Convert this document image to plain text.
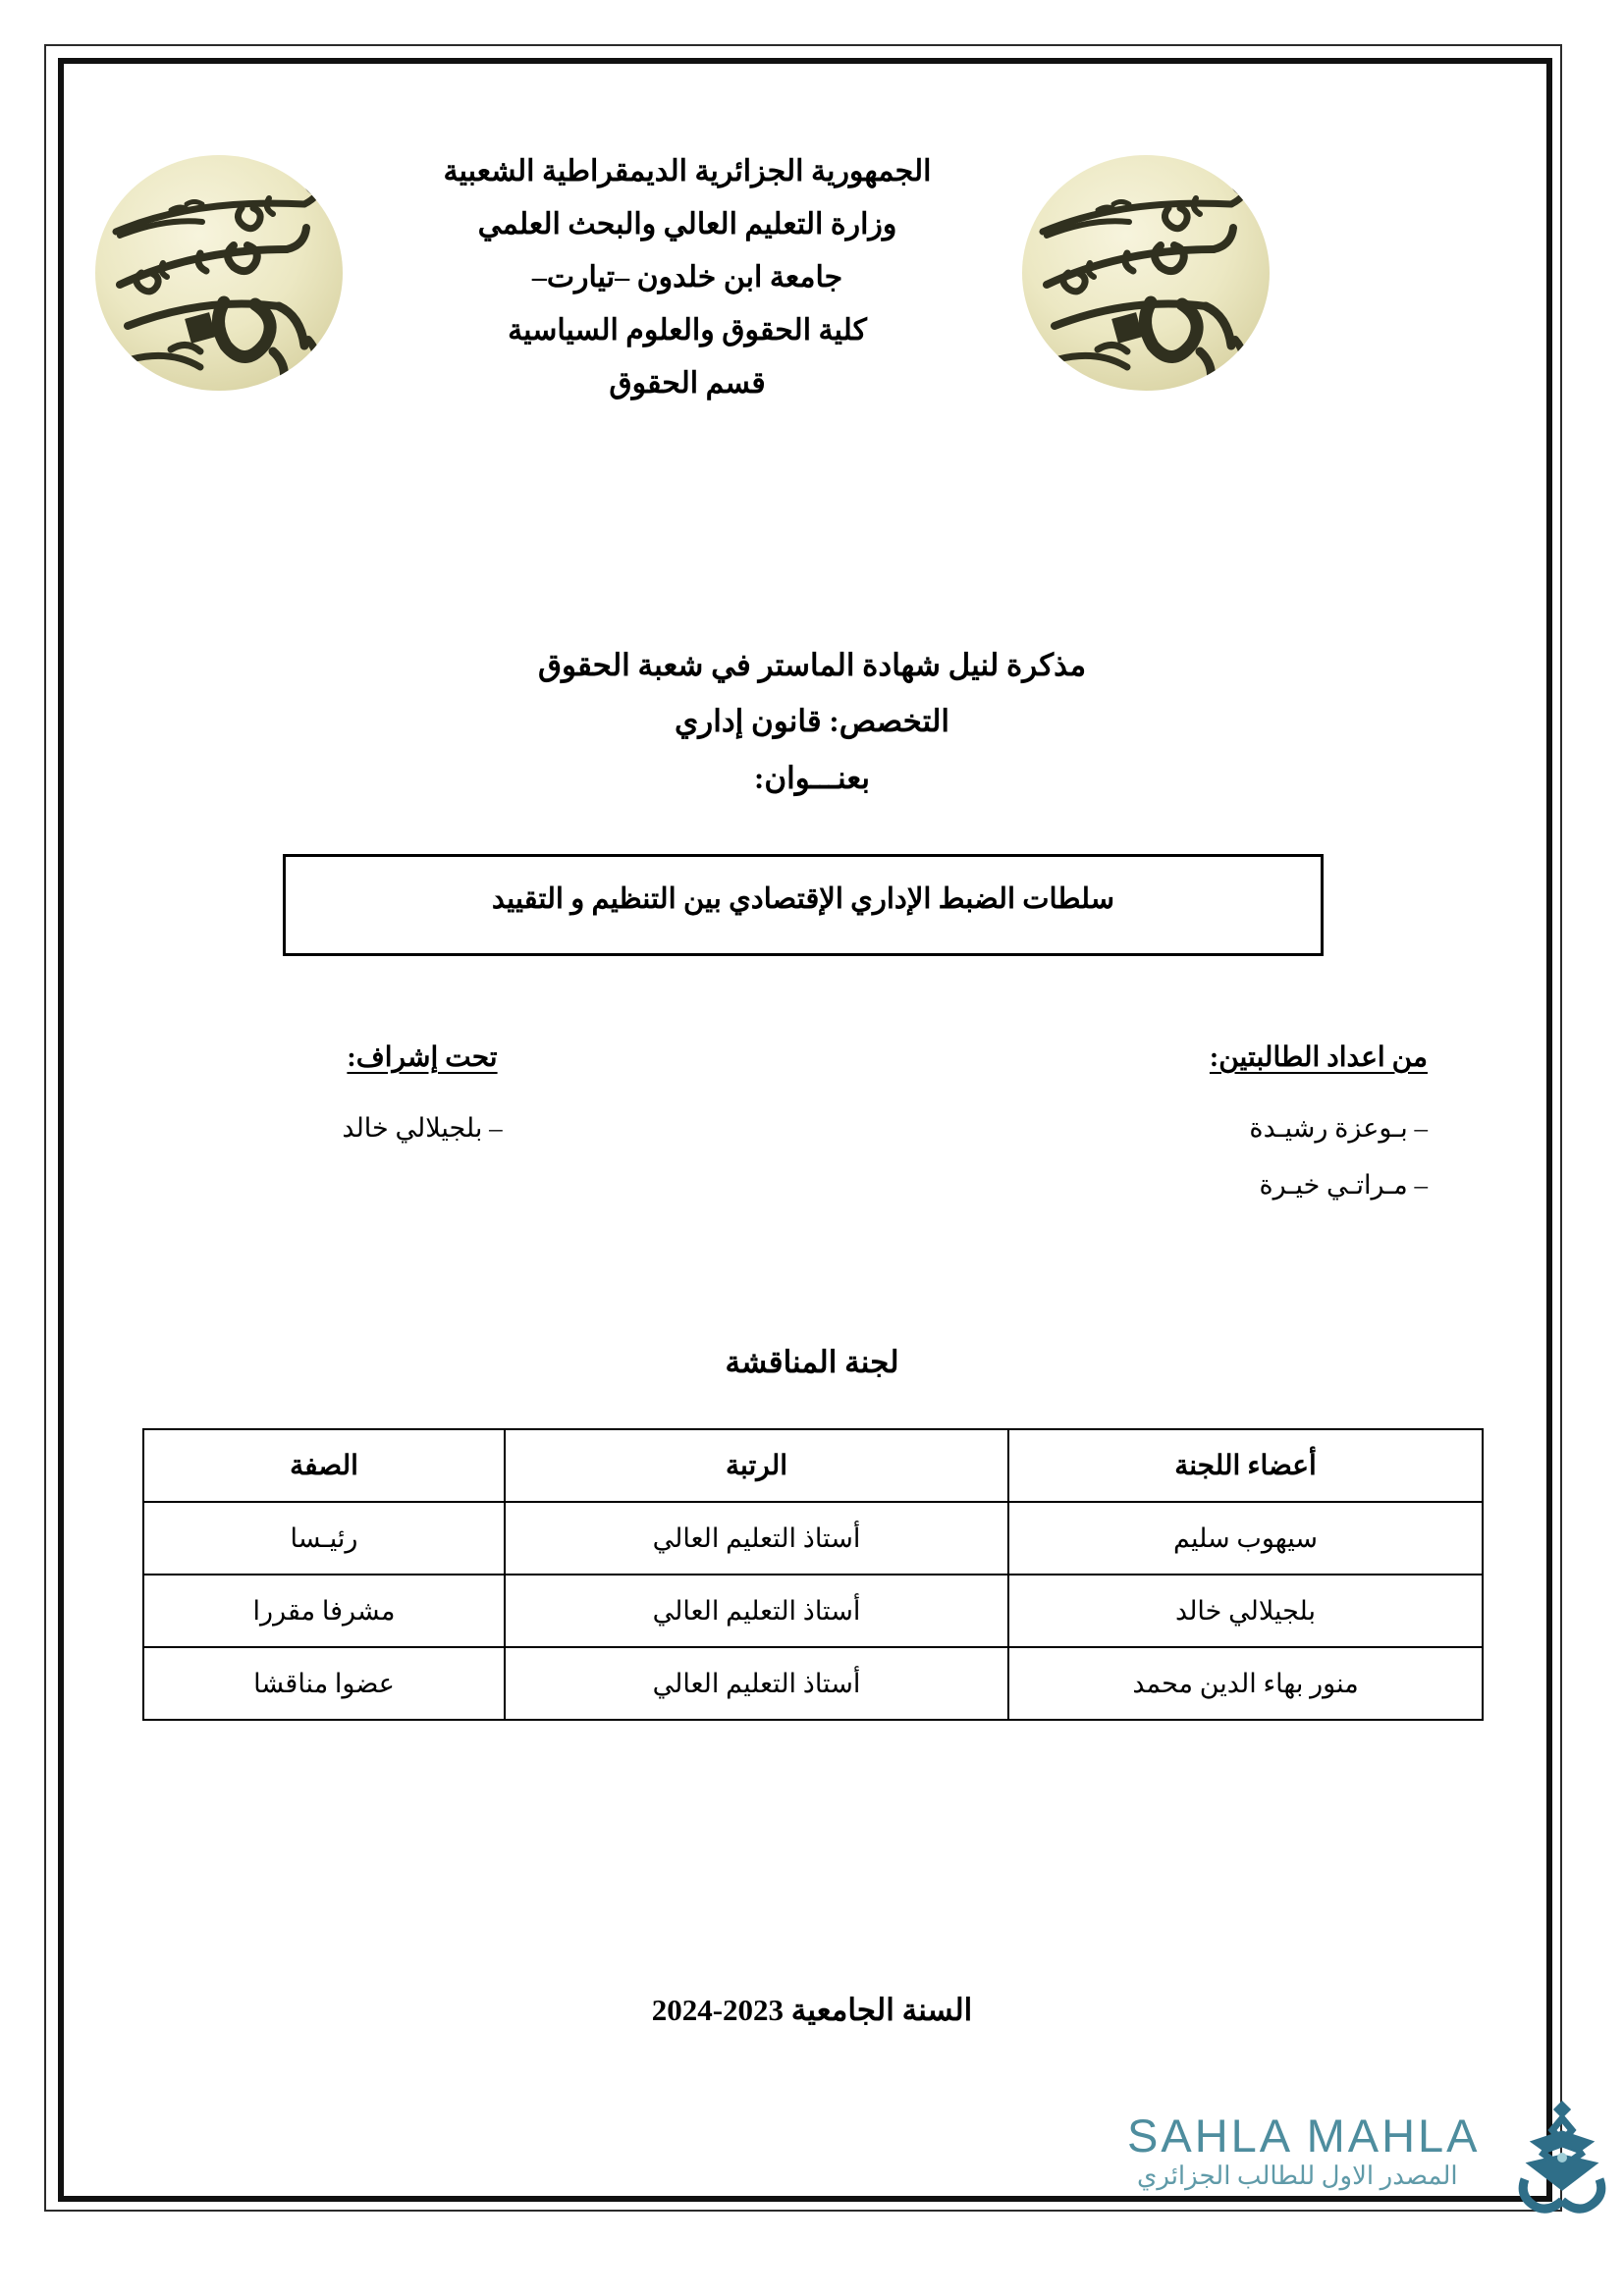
الجمهورية الجزائرية الديمقراطية الشعبية
وزارة التعليم العالي والبحث العلمي
جامعة ابن خلدون –تيارت–
كلية الحقوق والعلوم السياسية
قسم الحقوق
مذكرة لنيل شهادة الماستر في شعبة الحقوق
التخصص: قانون إداري
بعنـــوان:
سلطات الضبط الإداري الإقتصادي بين التنظيم و التقييد
من اعداد الطالبتين:
– بـوعزة رشيـدة
– مـراتـي خيـرة
تحت إشراف:
– بلجيلالي خالد
لجنة المناقشة
أعضاء اللجنة	الرتبة	الصفة
سيهوب سليم	أستاذ التعليم العالي	رئيـسا
بلجيلالي خالد	أستاذ التعليم العالي	مشرفا مقررا
منور بهاء الدين محمد	أستاذ التعليم العالي	عضوا مناقشا
السنة الجامعية 2023-2024
SAHLA MAHLA
المصدر الاول للطالب الجزائري
